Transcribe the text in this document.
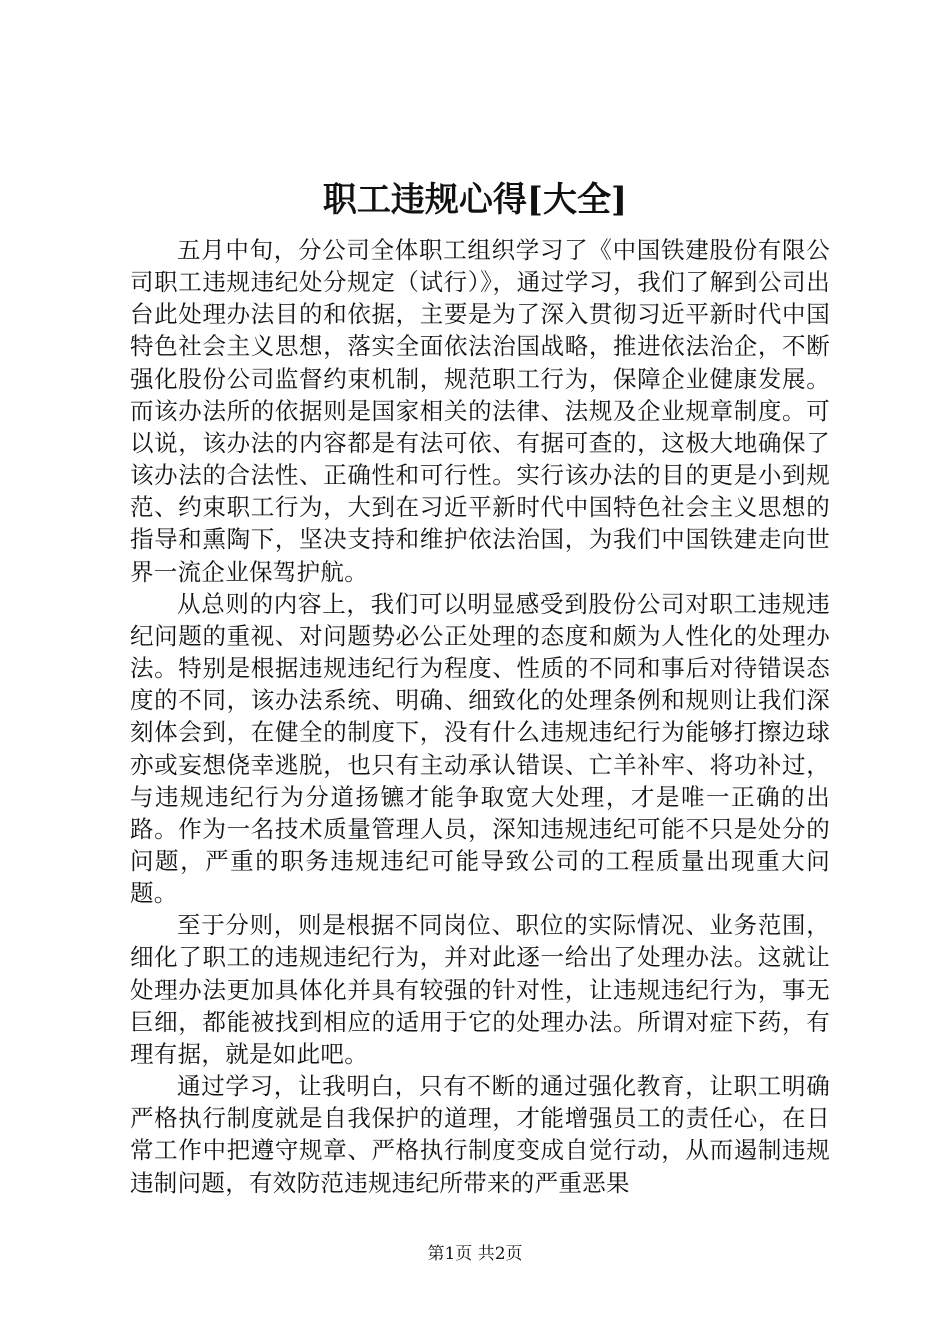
职工违规心得[大全]

五月中旬，分公司全体职工组织学习了《中国铁建股份有限公司职工违规违纪处分规定（试行）》，通过学习，我们了解到公司出台此处理办法目的和依据，主要是为了深入贯彻习近平新时代中国特色社会主义思想，落实全面依法治国战略，推进依法治企，不断强化股份公司监督约束机制，规范职工行为，保障企业健康发展。而该办法所的依据则是国家相关的法律、法规及企业规章制度。可以说，该办法的内容都是有法可依、有据可查的，这极大地确保了该办法的合法性、正确性和可行性。实行该办法的目的更是小到规范、约束职工行为，大到在习近平新时代中国特色社会主义思想的指导和熏陶下，坚决支持和维护依法治国，为我们中国铁建走向世界一流企业保驾护航。

从总则的内容上，我们可以明显感受到股份公司对职工违规违纪问题的重视、对问题势必公正处理的态度和颇为人性化的处理办法。特别是根据违规违纪行为程度、性质的不同和事后对待错误态度的不同，该办法系统、明确、细致化的处理条例和规则让我们深刻体会到，在健全的制度下，没有什么违规违纪行为能够打擦边球亦或妄想侥幸逃脱，也只有主动承认错误、亡羊补牢、将功补过，与违规违纪行为分道扬镳才能争取宽大处理，才是唯一正确的出路。作为一名技术质量管理人员，深知违规违纪可能不只是处分的问题，严重的职务违规违纪可能导致公司的工程质量出现重大问题。

至于分则，则是根据不同岗位、职位的实际情况、业务范围，细化了职工的违规违纪行为，并对此逐一给出了处理办法。这就让处理办法更加具体化并具有较强的针对性，让违规违纪行为，事无巨细，都能被找到相应的适用于它的处理办法。所谓对症下药，有理有据，就是如此吧。

通过学习，让我明白，只有不断的通过强化教育，让职工明确严格执行制度就是自我保护的道理，才能增强员工的责任心，在日常工作中把遵守规章、严格执行制度变成自觉行动，从而遏制违规违制问题，有效防范违规违纪所带来的严重恶果

第1页 共2页
